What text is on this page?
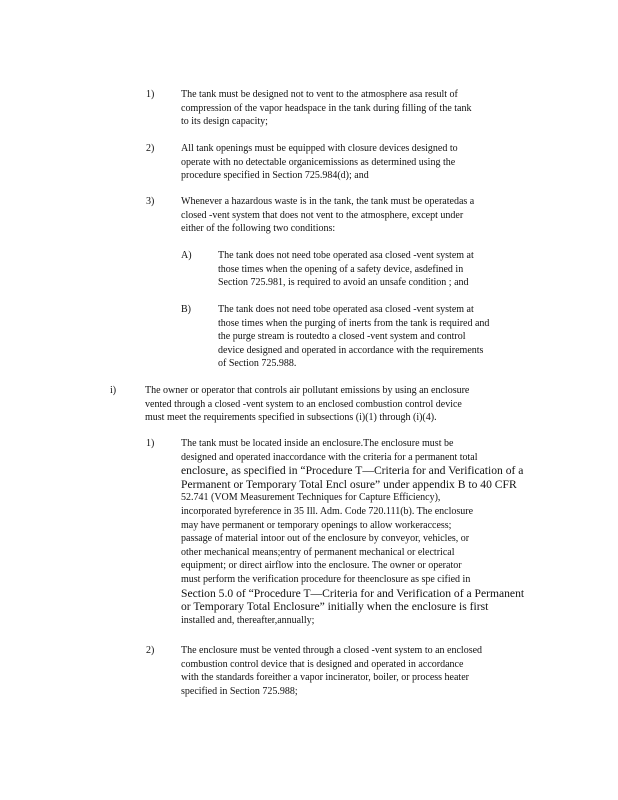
1)	The tank must be designed not to vent to the atmosphere asa result of
compression of the vapor headspace in the tank during filling of the tank
to its design capacity;
2)	All tank openings must be equipped with closure devices designed to
operate with no detectable organicemissions as determined using the
procedure specified in Section 725.984(d); and
3)	Whenever a hazardous waste is in the tank, the tank must be operatedas a
closed -vent system that does not vent to the atmosphere, except under
either of the following two conditions:
A)	The tank does not need tobe operated asa closed -vent system at
those times when the opening of a safety device, asdefined in
Section 725.981, is required to avoid an unsafe condition ; and
B)	The tank does not need tobe operated asa closed -vent system at
those times when the purging of inerts from the tank is required and
the purge stream is routedto a closed -vent system and control
device designed and operated in accordance with the requirements
of Section 725.988.
i)	The owner or operator that controls air pollutant emissions by using an enclosure
vented through a closed -vent system to an enclosed combustion control device
must meet the requirements specified in subsections (i)(1) through (i)(4).
1)	The tank must be located inside an enclosure.The enclosure must be
designed and operated inaccordance with the criteria for a permanent total
enclosure, as specified in “Procedure T—Criteria for and Verification of a
Permanent or Temporary Total Encl osure” under appendix B to 40 CFR
52.741 (VOM Measurement Techniques for Capture Efficiency),
incorporated byreference in 35 Ill. Adm. Code 720.111(b). The enclosure
may have permanent or temporary openings to allow workeraccess;
passage of material intoor out of the enclosure by conveyor, vehicles, or
other mechanical means;entry of permanent mechanical or electrical
equipment; or direct airflow into the enclosure. The owner or operator
must perform the verification procedure for theenclosure as spe cified in
Section 5.0 of “Procedure T—Criteria for and Verification of a Permanent
or Temporary Total Enclosure” initially when the enclosure is first
installed and, thereafter,annually;
2)	The enclosure must be vented through a closed -vent system to an enclosed
combustion control device that is designed and operated in accordance
with the standards foreither a vapor incinerator, boiler, or process heater
specified in Section 725.988;
